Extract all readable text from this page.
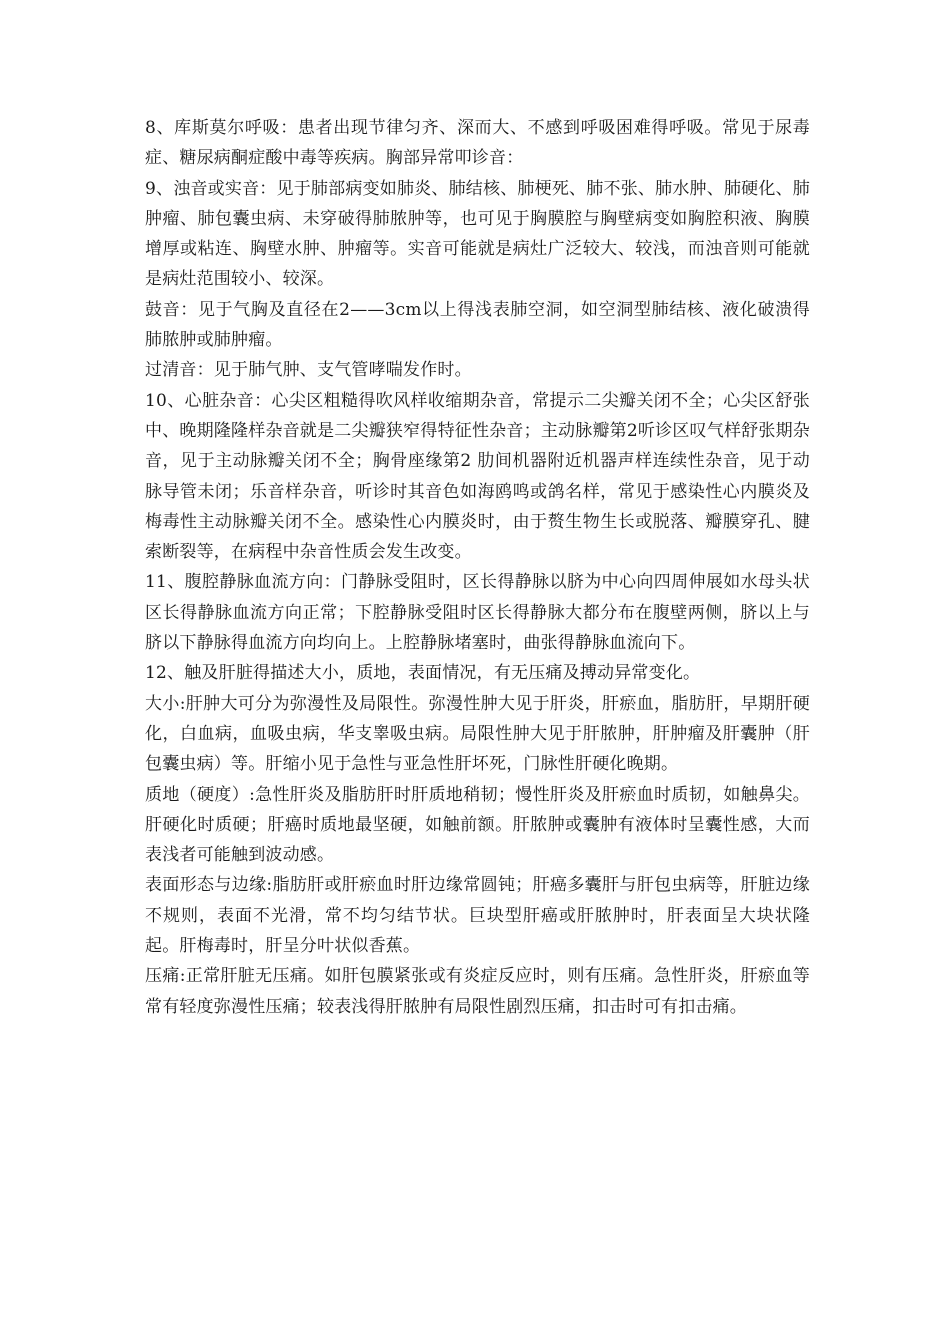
8、库斯莫尔呼吸：患者出现节律匀齐、深而大、不感到呼吸困难得呼吸。常见于尿毒症、糖尿病酮症酸中毒等疾病。胸部异常叩诊音：

9、浊音或实音：见于肺部病变如肺炎、肺结核、肺梗死、肺不张、肺水肿、肺硬化、肺肿瘤、肺包囊虫病、未穿破得肺脓肿等，也可见于胸膜腔与胸壁病变如胸腔积液、胸膜增厚或粘连、胸壁水肿、肿瘤等。实音可能就是病灶广泛较大、较浅，而浊音则可能就是病灶范围较小、较深。

鼓音：见于气胸及直径在2——3cm以上得浅表肺空洞，如空洞型肺结核、液化破溃得肺脓肿或肺肿瘤。

过清音：见于肺气肿、支气管哮喘发作时。

10、心脏杂音：心尖区粗糙得吹风样收缩期杂音，常提示二尖瓣关闭不全；心尖区舒张中、晚期隆隆样杂音就是二尖瓣狭窄得特征性杂音；主动脉瓣第2听诊区叹气样舒张期杂音，见于主动脉瓣关闭不全；胸骨座缘第2 肋间机器附近机器声样连续性杂音，见于动脉导管未闭；乐音样杂音，听诊时其音色如海鸥鸣或鸽名样，常见于感染性心内膜炎及梅毒性主动脉瓣关闭不全。感染性心内膜炎时，由于赘生物生长或脱落、瓣膜穿孔、腱索断裂等，在病程中杂音性质会发生改变。

11、腹腔静脉血流方向：门静脉受阻时，区长得静脉以脐为中心向四周伸展如水母头状区长得静脉血流方向正常；下腔静脉受阻时区长得静脉大都分布在腹壁两侧，脐以上与脐以下静脉得血流方向均向上。上腔静脉堵塞时，曲张得静脉血流向下。

12、触及肝脏得描述大小，质地，表面情况，有无压痛及搏动异常变化。

大小:肝肿大可分为弥漫性及局限性。弥漫性肿大见于肝炎，肝瘀血，脂肪肝，早期肝硬化，白血病，血吸虫病，华支睾吸虫病。局限性肿大见于肝脓肿，肝肿瘤及肝囊肿（肝包囊虫病）等。肝缩小见于急性与亚急性肝坏死，门脉性肝硬化晚期。

质地（硬度）:急性肝炎及脂肪肝时肝质地稍韧；慢性肝炎及肝瘀血时质韧，如触鼻尖。肝硬化时质硬；肝癌时质地最坚硬，如触前额。肝脓肿或囊肿有液体时呈囊性感，大而表浅者可能触到波动感。

表面形态与边缘:脂肪肝或肝瘀血时肝边缘常圆钝；肝癌多囊肝与肝包虫病等，肝脏边缘不规则，表面不光滑，常不均匀结节状。巨块型肝癌或肝脓肿时，肝表面呈大块状隆起。肝梅毒时，肝呈分叶状似香蕉。

压痛:正常肝脏无压痛。如肝包膜紧张或有炎症反应时，则有压痛。急性肝炎，肝瘀血等常有轻度弥漫性压痛；较表浅得肝脓肿有局限性剧烈压痛，扣击时可有扣击痛。
